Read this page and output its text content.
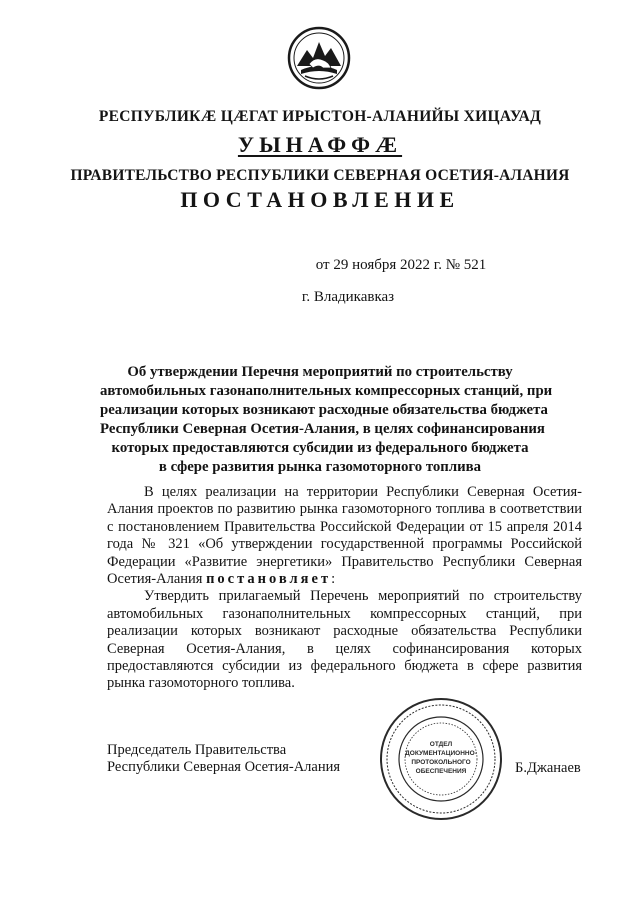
РЕСПУБЛИКӔ ЦӔГАТ ИРЫСТОН-АЛАНИЙЫ ХИЦАУАД
УЫНАФФӔ
ПРАВИТЕЛЬСТВО РЕСПУБЛИКИ СЕВЕРНАЯ ОСЕТИЯ-АЛАНИЯ
ПОСТАНОВЛЕНИЕ
от 29 ноября 2022 г. № 521
г. Владикавказ
Об утверждении Перечня мероприятий по строительству
автомобильных газонаполнительных компрессорных станций, при
реализации которых возникают расходные обязательства бюджета
Республики Северная Осетия-Алания, в целях софинансирования
которых предоставляются субсидии из федерального бюджета
в сфере развития рынка газомоторного топлива

В целях реализации на территории Республики Северная Осетия-Алания проектов по развитию рынка газомоторного топлива в соответствии с постановлением Правительства Российской Федерации от 15 апреля 2014 года № 321 «Об утверждении государственной программы Российской Федерации «Развитие энергетики» Правительство Республики Северная Осетия-Алания постановляет:

Утвердить прилагаемый Перечень мероприятий по строительству автомобильных газонаполнительных компрессорных станций, при реализации которых возникают расходные обязательства Республики Северная Осетия-Алания, в целях софинансирования которых предоставляются субсидии из федерального бюджета в сфере развития рынка газомоторного топлива.

Председатель Правительства
Республики Северная Осетия-Алания
ОТДЕЛ
ДОКУМЕНТАЦИОННО-
ПРОТОКОЛЬНОГО
ОБЕСПЕЧЕНИЯ	Б.Джанаев
